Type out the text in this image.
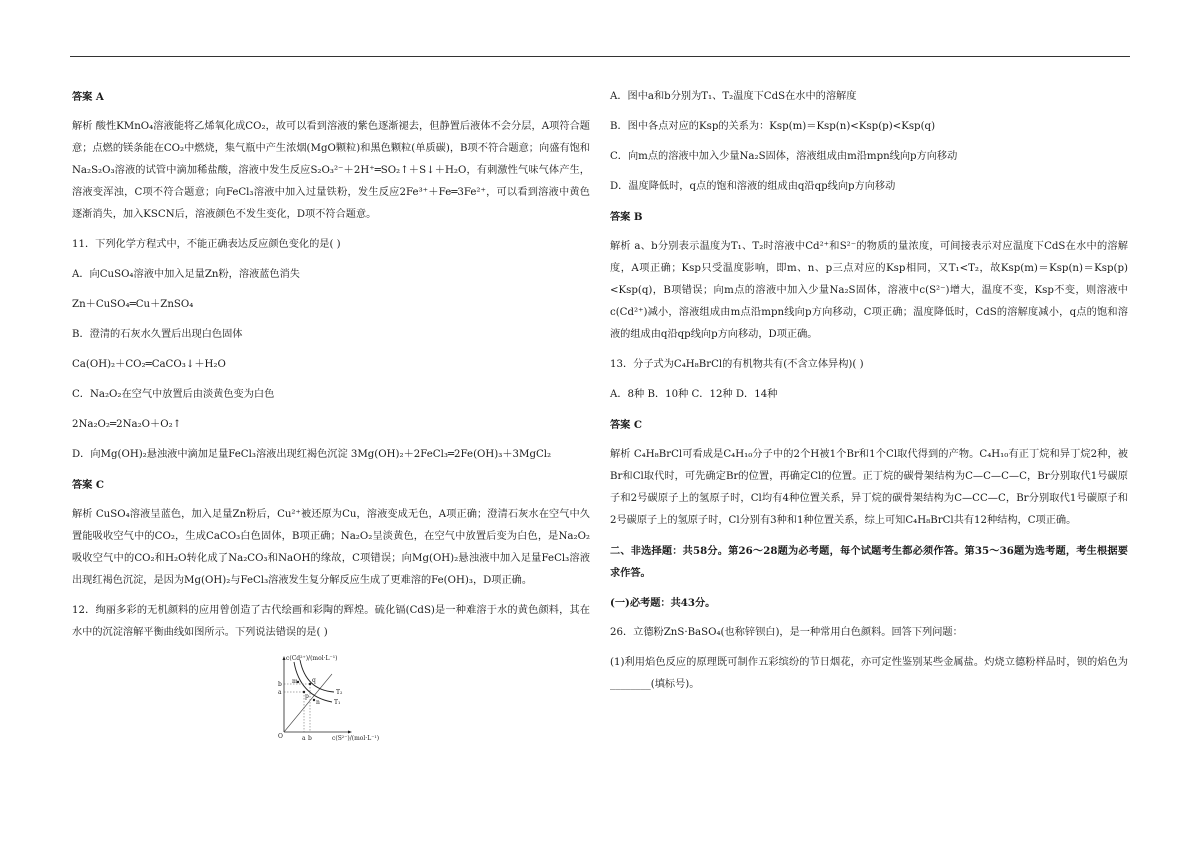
答案 A

解析 酸性KMnO₄溶液能将乙烯氧化成CO₂，故可以看到溶液的紫色逐渐褪去，但静置后液体不会分层，A项符合题意；点燃的镁条能在CO₂中燃烧，集气瓶中产生浓烟(MgO颗粒)和黑色颗粒(单质碳)，B项不符合题意；向盛有饱和Na₂S₂O₃溶液的试管中滴加稀盐酸，溶液中发生反应S₂O₃²⁻＋2H⁺═SO₂↑＋S↓＋H₂O，有刺激性气味气体产生，溶液变浑浊，C项不符合题意；向FeCl₃溶液中加入过量铁粉，发生反应2Fe³⁺＋Fe═3Fe²⁺，可以看到溶液中黄色逐渐消失，加入KSCN后，溶液颜色不发生变化，D项不符合题意。

11．下列化学方程式中，不能正确表达反应颜色变化的是( )

A．向CuSO₄溶液中加入足量Zn粉，溶液蓝色消失

Zn＋CuSO₄═Cu＋ZnSO₄

B．澄清的石灰水久置后出现白色固体

Ca(OH)₂＋CO₂═CaCO₃↓＋H₂O

C．Na₂O₂在空气中放置后由淡黄色变为白色

2Na₂O₂═2Na₂O＋O₂↑

D．向Mg(OH)₂悬浊液中滴加足量FeCl₃溶液出现红褐色沉淀 3Mg(OH)₂＋2FeCl₃═2Fe(OH)₃＋3MgCl₂

答案 C

解析 CuSO₄溶液呈蓝色，加入足量Zn粉后，Cu²⁺被还原为Cu，溶液变成无色，A项正确；澄清石灰水在空气中久置能吸收空气中的CO₂，生成CaCO₃白色固体，B项正确；Na₂O₂呈淡黄色，在空气中放置后变为白色，是Na₂O₂吸收空气中的CO₂和H₂O转化成了Na₂CO₃和NaOH的缘故，C项错误；向Mg(OH)₂悬浊液中加入足量FeCl₃溶液出现红褐色沉淀，是因为Mg(OH)₂与FeCl₃溶液发生复分解反应生成了更难溶的Fe(OH)₃，D项正确。

12．绚丽多彩的无机颜料的应用曾创造了古代绘画和彩陶的辉煌。硫化镉(CdS)是一种难溶于水的黄色颜料，其在水中的沉淀溶解平衡曲线如图所示。下列说法错误的是( )

c(Cd²⁺)/(mol·L⁻¹)
c(S²⁻)/(mol·L⁻¹)
O
b
a
a b
T₁
T₂
m
n
p
q

A．图中a和b分别为T₁、T₂温度下CdS在水中的溶解度

B．图中各点对应的Ksp的关系为：Ksp(m)＝Ksp(n)<Ksp(p)<Ksp(q)

C．向m点的溶液中加入少量Na₂S固体，溶液组成由m沿mpn线向p方向移动

D．温度降低时，q点的饱和溶液的组成由q沿qp线向p方向移动

答案 B

解析 a、b分别表示温度为T₁、T₂时溶液中Cd²⁺和S²⁻的物质的量浓度，可间接表示对应温度下CdS在水中的溶解度，A项正确；Ksp只受温度影响，即m、n、p三点对应的Ksp相同，又T₁<T₂，故Ksp(m)＝Ksp(n)＝Ksp(p)<Ksp(q)，B项错误；向m点的溶液中加入少量Na₂S固体，溶液中c(S²⁻)增大，温度不变，Ksp不变，则溶液中c(Cd²⁺)减小，溶液组成由m点沿mpn线向p方向移动，C项正确；温度降低时，CdS的溶解度减小，q点的饱和溶液的组成由q沿qp线向p方向移动，D项正确。

13．分子式为C₄H₈BrCl的有机物共有(不含立体异构)( )

A．8种 B．10种 C．12种 D．14种

答案 C

解析 C₄H₈BrCl可看成是C₄H₁₀分子中的2个H被1个Br和1个Cl取代得到的产物。C₄H₁₀有正丁烷和异丁烷2种，被Br和Cl取代时，可先确定Br的位置，再确定Cl的位置。正丁烷的碳骨架结构为C—C—C—C，Br分别取代1号碳原子和2号碳原子上的氢原子时，Cl均有4种位置关系，异丁烷的碳骨架结构为C—CC—C，Br分别取代1号碳原子和2号碳原子上的氢原子时，Cl分别有3种和1种位置关系，综上可知C₄H₈BrCl共有12种结构，C项正确。

二、非选择题：共58分。第26～28题为必考题，每个试题考生都必须作答。第35～36题为选考题，考生根据要求作答。

(一)必考题：共43分。

26．立德粉ZnS·BaSO₄(也称锌钡白)，是一种常用白色颜料。回答下列问题：

(1)利用焰色反应的原理既可制作五彩缤纷的节日烟花，亦可定性鉴别某些金属盐。灼烧立德粉样品时，钡的焰色为________(填标号)。
